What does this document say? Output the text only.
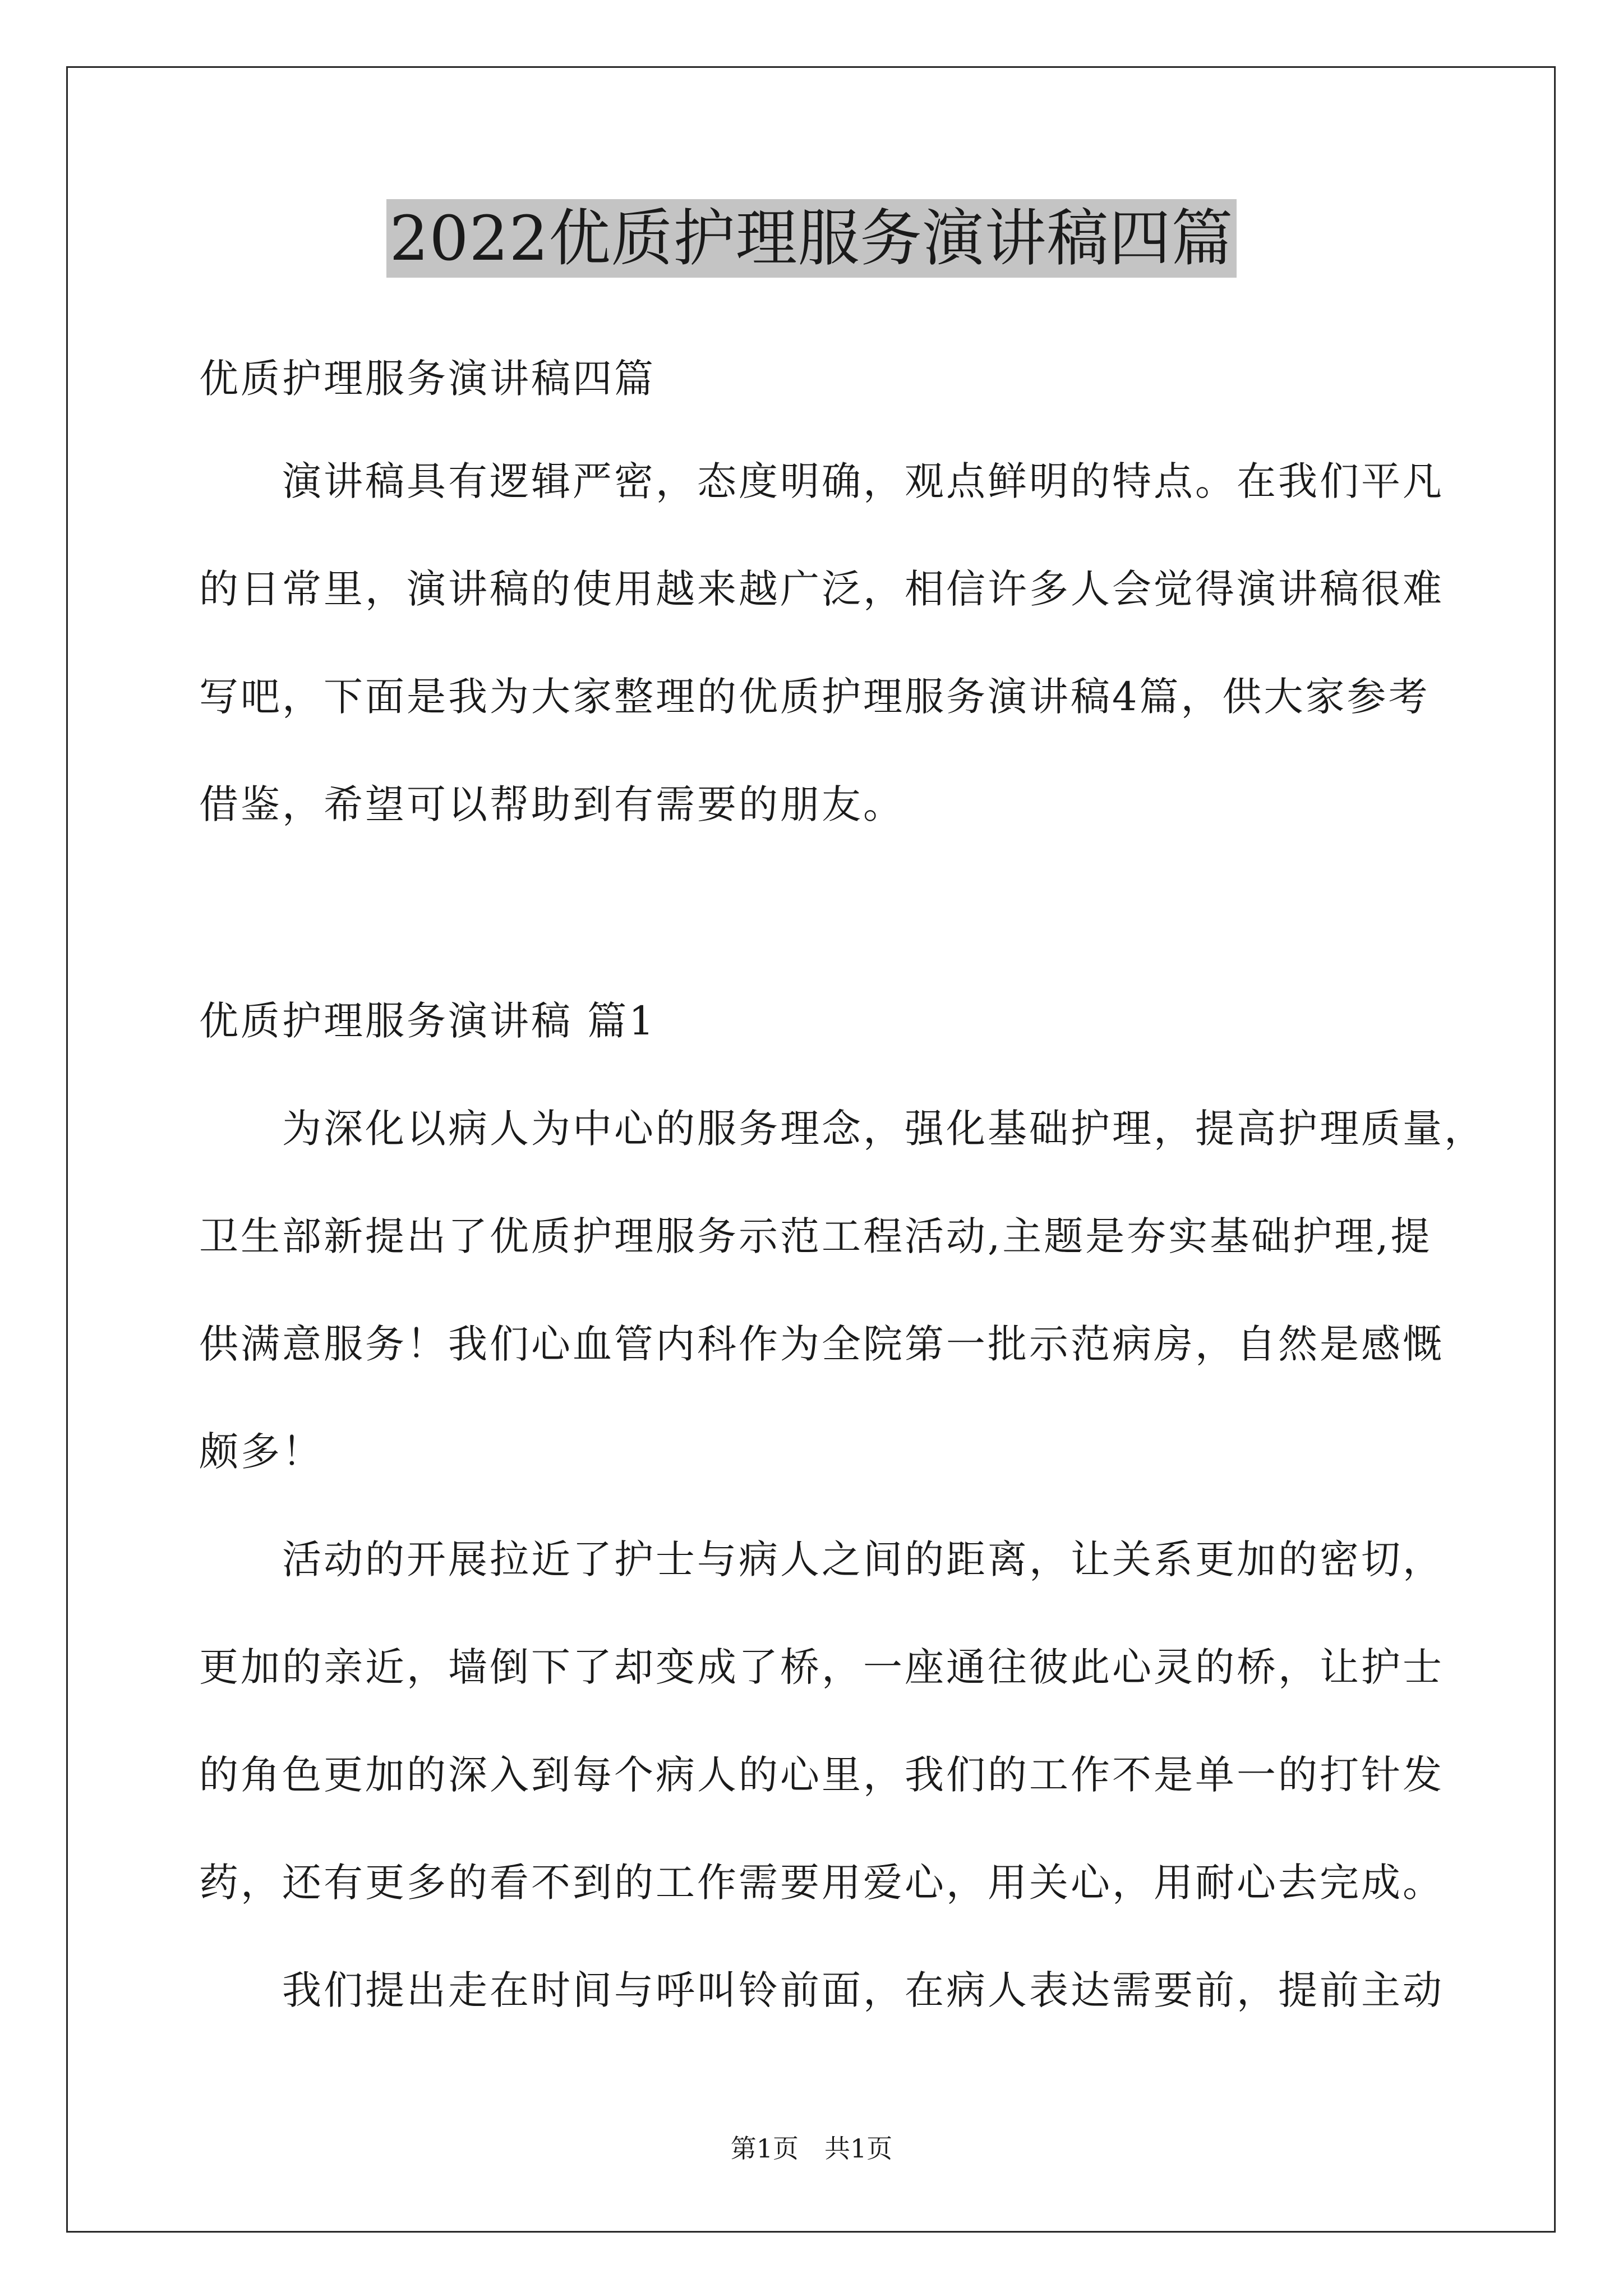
2022优质护理服务演讲稿四篇
优质护理服务演讲稿四篇
　　演讲稿具有逻辑严密，态度明确，观点鲜明的特点。在我们平凡
的日常里，演讲稿的使用越来越广泛，相信许多人会觉得演讲稿很难
写吧，下面是我为大家整理的优质护理服务演讲稿4篇，供大家参考
借鉴，希望可以帮助到有需要的朋友。
优质护理服务演讲稿 篇1
　　为深化以病人为中心的服务理念，强化基础护理，提高护理质量，
卫生部新提出了优质护理服务示范工程活动,主题是夯实基础护理,提
供满意服务！我们心血管内科作为全院第一批示范病房，自然是感慨
颇多！
　　活动的开展拉近了护士与病人之间的距离，让关系更加的密切，
更加的亲近，墙倒下了却变成了桥，一座通往彼此心灵的桥，让护士
的角色更加的深入到每个病人的心里，我们的工作不是单一的打针发
药，还有更多的看不到的工作需要用爱心，用关心，用耐心去完成。
　　我们提出走在时间与呼叫铃前面，在病人表达需要前，提前主动
第1页　共1页
